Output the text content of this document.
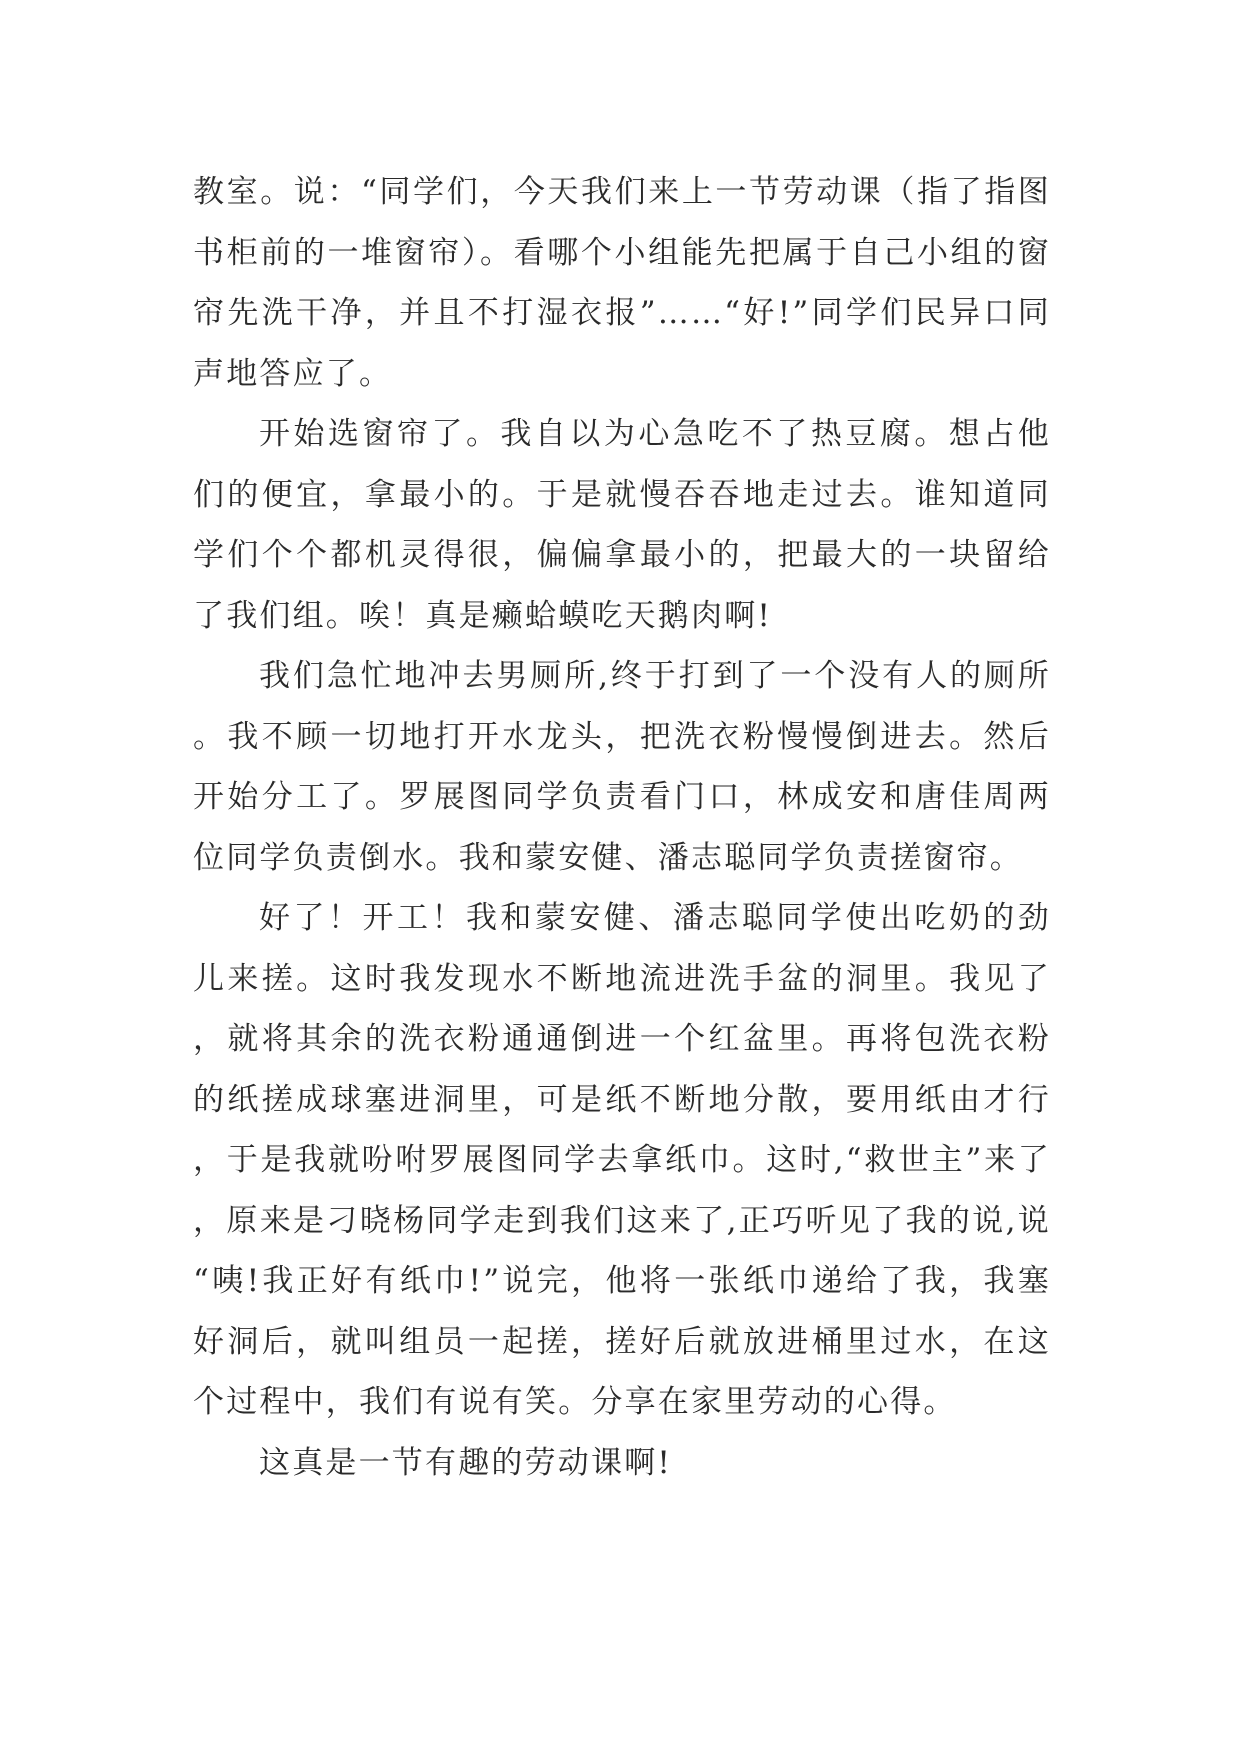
教室。说：“同学们，今天我们来上一节劳动课（指了指图书柜前的一堆窗帘）。看哪个小组能先把属于自己小组的窗帘先洗干净，并且不打湿衣报”……“好!”同学们民异口同声地答应了。

开始选窗帘了。我自以为心急吃不了热豆腐。想占他们的便宜，拿最小的。于是就慢吞吞地走过去。谁知道同学们个个都机灵得很，偏偏拿最小的，把最大的一块留给了我们组。唉！真是癞蛤蟆吃天鹅肉啊!

我们急忙地冲去男厕所,终于打到了一个没有人的厕所。我不顾一切地打开水龙头，把洗衣粉慢慢倒进去。然后开始分工了。罗展图同学负责看门口，林成安和唐佳周两位同学负责倒水。我和蒙安健、潘志聪同学负责搓窗帘。

好了！开工！我和蒙安健、潘志聪同学使出吃奶的劲儿来搓。这时我发现水不断地流进洗手盆的洞里。我见了，就将其余的洗衣粉通通倒进一个红盆里。再将包洗衣粉的纸搓成球塞进洞里，可是纸不断地分散，要用纸由才行，于是我就吩咐罗展图同学去拿纸巾。这时,“救世主”来了，原来是刁晓杨同学走到我们这来了,正巧听见了我的说,说“咦!我正好有纸巾!”说完，他将一张纸巾递给了我，我塞好洞后，就叫组员一起搓，搓好后就放进桶里过水，在这个过程中，我们有说有笑。分享在家里劳动的心得。

这真是一节有趣的劳动课啊!
